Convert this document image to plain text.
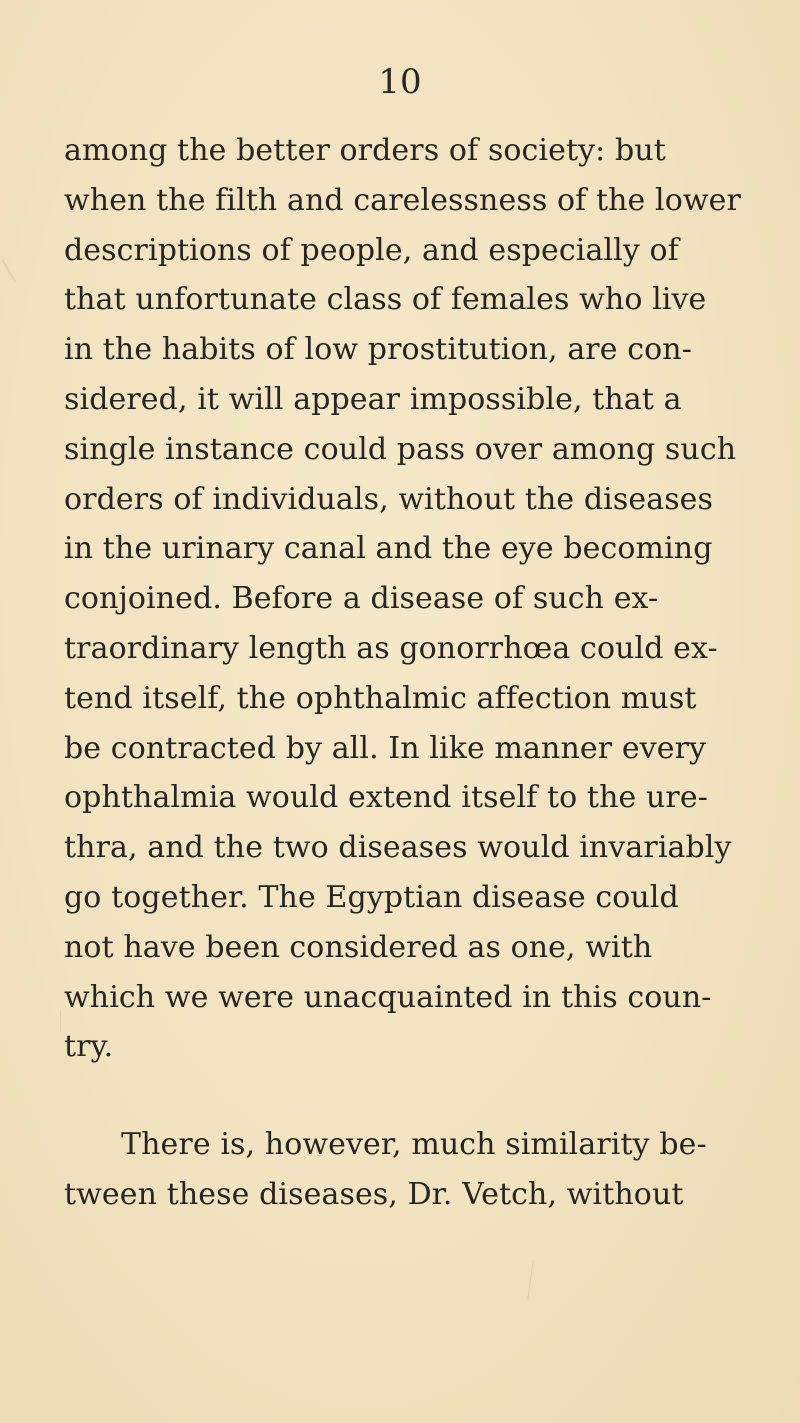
10
among the better orders of society: but
when the filth and carelessness of the lower
descriptions of people, and especially of
that unfortunate class of females who live
in the habits of low prostitution, are con-
sidered, it will appear impossible, that a
single instance could pass over among such
orders of individuals, without the diseases
in the urinary canal and the eye becoming
conjoined. Before a disease of such ex-
traordinary length as gonorrhœa could ex-
tend itself, the ophthalmic affection must
be contracted by all. In like manner every
ophthalmia would extend itself to the ure-
thra, and the two diseases would invariably
go together. The Egyptian disease could
not have been considered as one, with
which we were unacquainted in this coun-
try.
There is, however, much similarity be-
tween these diseases, Dr. Vetch, without
